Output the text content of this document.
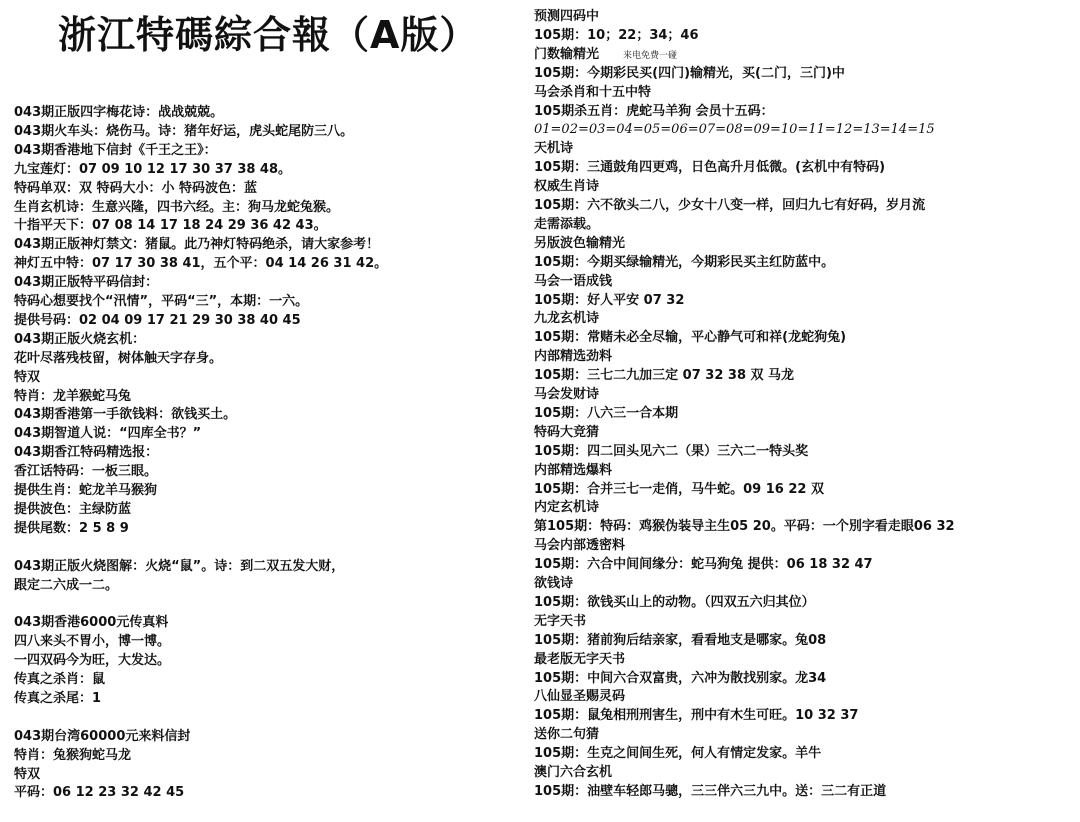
浙江特碼綜合報（A版）
043期正版四字梅花诗：战战兢兢。
043期火车头：烧伤马。诗：猪年好运，虎头蛇尾防三八。
043期香港地下信封《千王之王》：
九宝莲灯：07 09 10 12 17 30 37 38 48。
特码单双：双 特码大小：小 特码波色：蓝
生肖玄机诗：生意兴隆，四书六经。主：狗马龙蛇兔猴。
十指平天下：07 08 14 17 18 24 29 36 42 43。
043期正版神灯禁文：猪鼠。此乃神灯特码绝杀，请大家参考！
神灯五中特：07 17 30 38 41，五个平：04 14 26 31 42。
043期正版特平码信封：
特码心想要找个“汛情”，平码“三”，本期：一六。
提供号码：02 04 09 17 21 29 30 38 40 45
043期正版火烧玄机：
花叶尽落残枝留，树体触天字存身。
特双
特肖：龙羊猴蛇马兔
043期香港第一手欲钱料：欲钱买土。
043期智道人说：“四库全书？”
043期香江特码精选报：
香江话特码：一板三眼。
提供生肖：蛇龙羊马猴狗
提供波色：主绿防蓝
提供尾数：2 5 8 9
043期正版火烧图解：火烧“鼠”。诗：到二双五发大财，
跟定二六成一二。
043期香港6000元传真料
四八来头不胃小，博一博。
一四双码今为旺，大发达。
传真之杀肖：鼠
传真之杀尾：1
043期台湾60000元来料信封
特肖：兔猴狗蛇马龙
特双
平码：06 12 23 32 42 45
预测四码中
105期：10；22；34；46
门数输精光	来电免费一碰
105期：今期彩民买(四门)输精光，买(二门，三门)中
马会杀肖和十五中特
105期杀五肖：虎蛇马羊狗 会员十五码：
01=02=03=04=05=06=07=08=09=10=11=12=13=14=15
天机诗
105期：三通鼓角四更鸡，日色高升月低微。(玄机中有特码)
权威生肖诗
105期：六不欲头二八，少女十八变一样，回归九七有好码，岁月流
走需添载。
另版波色输精光
105期：今期买绿输精光，今期彩民买主红防蓝中。
马会一语成钱
105期：好人平安 07 32
九龙玄机诗
105期：常赌未必全尽输，平心静气可和祥(龙蛇狗兔)
内部精选劲料
105期：三七二九加三定 07 32 38 双 马龙
马会发财诗
105期：八六三一合本期
特码大竞猜
105期：四二回头见六二（果）三六二一特头奖
内部精选爆料
105期：合并三七一走俏，马牛蛇。09 16 22 双
内定玄机诗
第105期：特码：鸡猴伪装导主生05 20。平码：一个別字看走眼06 32
马会内部透密料
105期：六合中间间缘分：蛇马狗兔 提供：06 18 32 47
欲钱诗
105期：欲钱买山上的动物。（四双五六归其位）
无字天书
105期：猪前狗后结亲家，看看地支是哪家。兔08
最老版无字天书
105期：中间六合双富贵，六冲为散找别家。龙34
八仙显圣赐灵码
105期：鼠兔相刑刑害生，刑中有木生可旺。10 32 37
送你二句猜
105期：生克之间间生死，何人有情定发家。羊牛
澳门六合玄机
105期：油壁车轻郎马骢，三三伴六三九中。送：三二有正道
